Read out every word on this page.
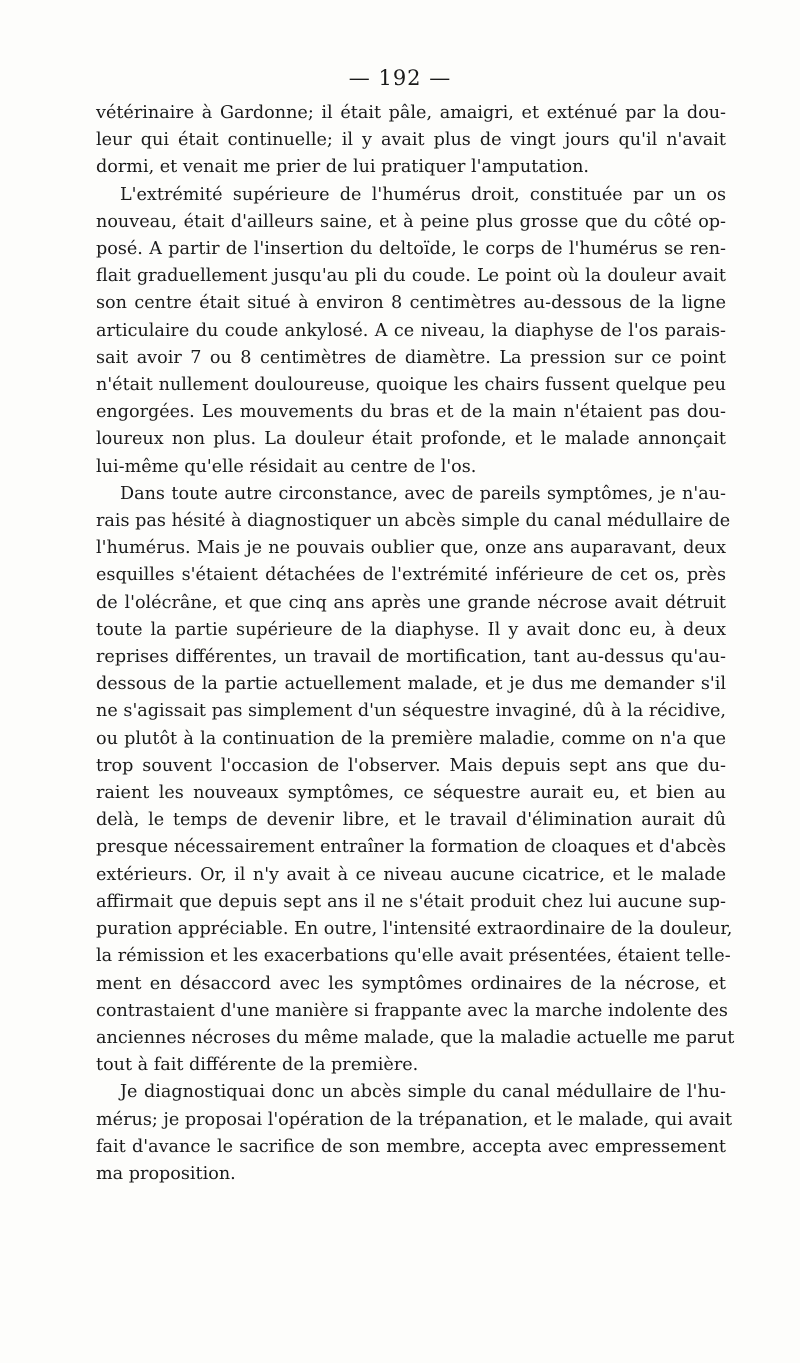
— 192 —
vétérinaire à Gardonne; il était pâle, amaigri, et exténué par la dou-
leur qui était continuelle; il y avait plus de vingt jours qu'il n'avait
dormi, et venait me prier de lui pratiquer l'amputation.
L'extrémité supérieure de l'humérus droit, constituée par un os
nouveau, était d'ailleurs saine, et à peine plus grosse que du côté op-
posé. A partir de l'insertion du deltoïde, le corps de l'humérus se ren-
flait graduellement jusqu'au pli du coude. Le point où la douleur avait
son centre était situé à environ 8 centimètres au-dessous de la ligne
articulaire du coude ankylosé. A ce niveau, la diaphyse de l'os parais-
sait avoir 7 ou 8 centimètres de diamètre. La pression sur ce point
n'était nullement douloureuse, quoique les chairs fussent quelque peu
engorgées. Les mouvements du bras et de la main n'étaient pas dou-
loureux non plus. La douleur était profonde, et le malade annonçait
lui-même qu'elle résidait au centre de l'os.
Dans toute autre circonstance, avec de pareils symptômes, je n'au-
rais pas hésité à diagnostiquer un abcès simple du canal médullaire de
l'humérus. Mais je ne pouvais oublier que, onze ans auparavant, deux
esquilles s'étaient détachées de l'extrémité inférieure de cet os, près
de l'olécrâne, et que cinq ans après une grande nécrose avait détruit
toute la partie supérieure de la diaphyse. Il y avait donc eu, à deux
reprises différentes, un travail de mortification, tant au-dessus qu'au-
dessous de la partie actuellement malade, et je dus me demander s'il
ne s'agissait pas simplement d'un séquestre invaginé, dû à la récidive,
ou plutôt à la continuation de la première maladie, comme on n'a que
trop souvent l'occasion de l'observer. Mais depuis sept ans que du-
raient les nouveaux symptômes, ce séquestre aurait eu, et bien au
delà, le temps de devenir libre, et le travail d'élimination aurait dû
presque nécessairement entraîner la formation de cloaques et d'abcès
extérieurs. Or, il n'y avait à ce niveau aucune cicatrice, et le malade
affirmait que depuis sept ans il ne s'était produit chez lui aucune sup-
puration appréciable. En outre, l'intensité extraordinaire de la douleur,
la rémission et les exacerbations qu'elle avait présentées, étaient telle-
ment en désaccord avec les symptômes ordinaires de la nécrose, et
contrastaient d'une manière si frappante avec la marche indolente des
anciennes nécroses du même malade, que la maladie actuelle me parut
tout à fait différente de la première.
Je diagnostiquai donc un abcès simple du canal médullaire de l'hu-
mérus; je proposai l'opération de la trépanation, et le malade, qui avait
fait d'avance le sacrifice de son membre, accepta avec empressement
ma proposition.
